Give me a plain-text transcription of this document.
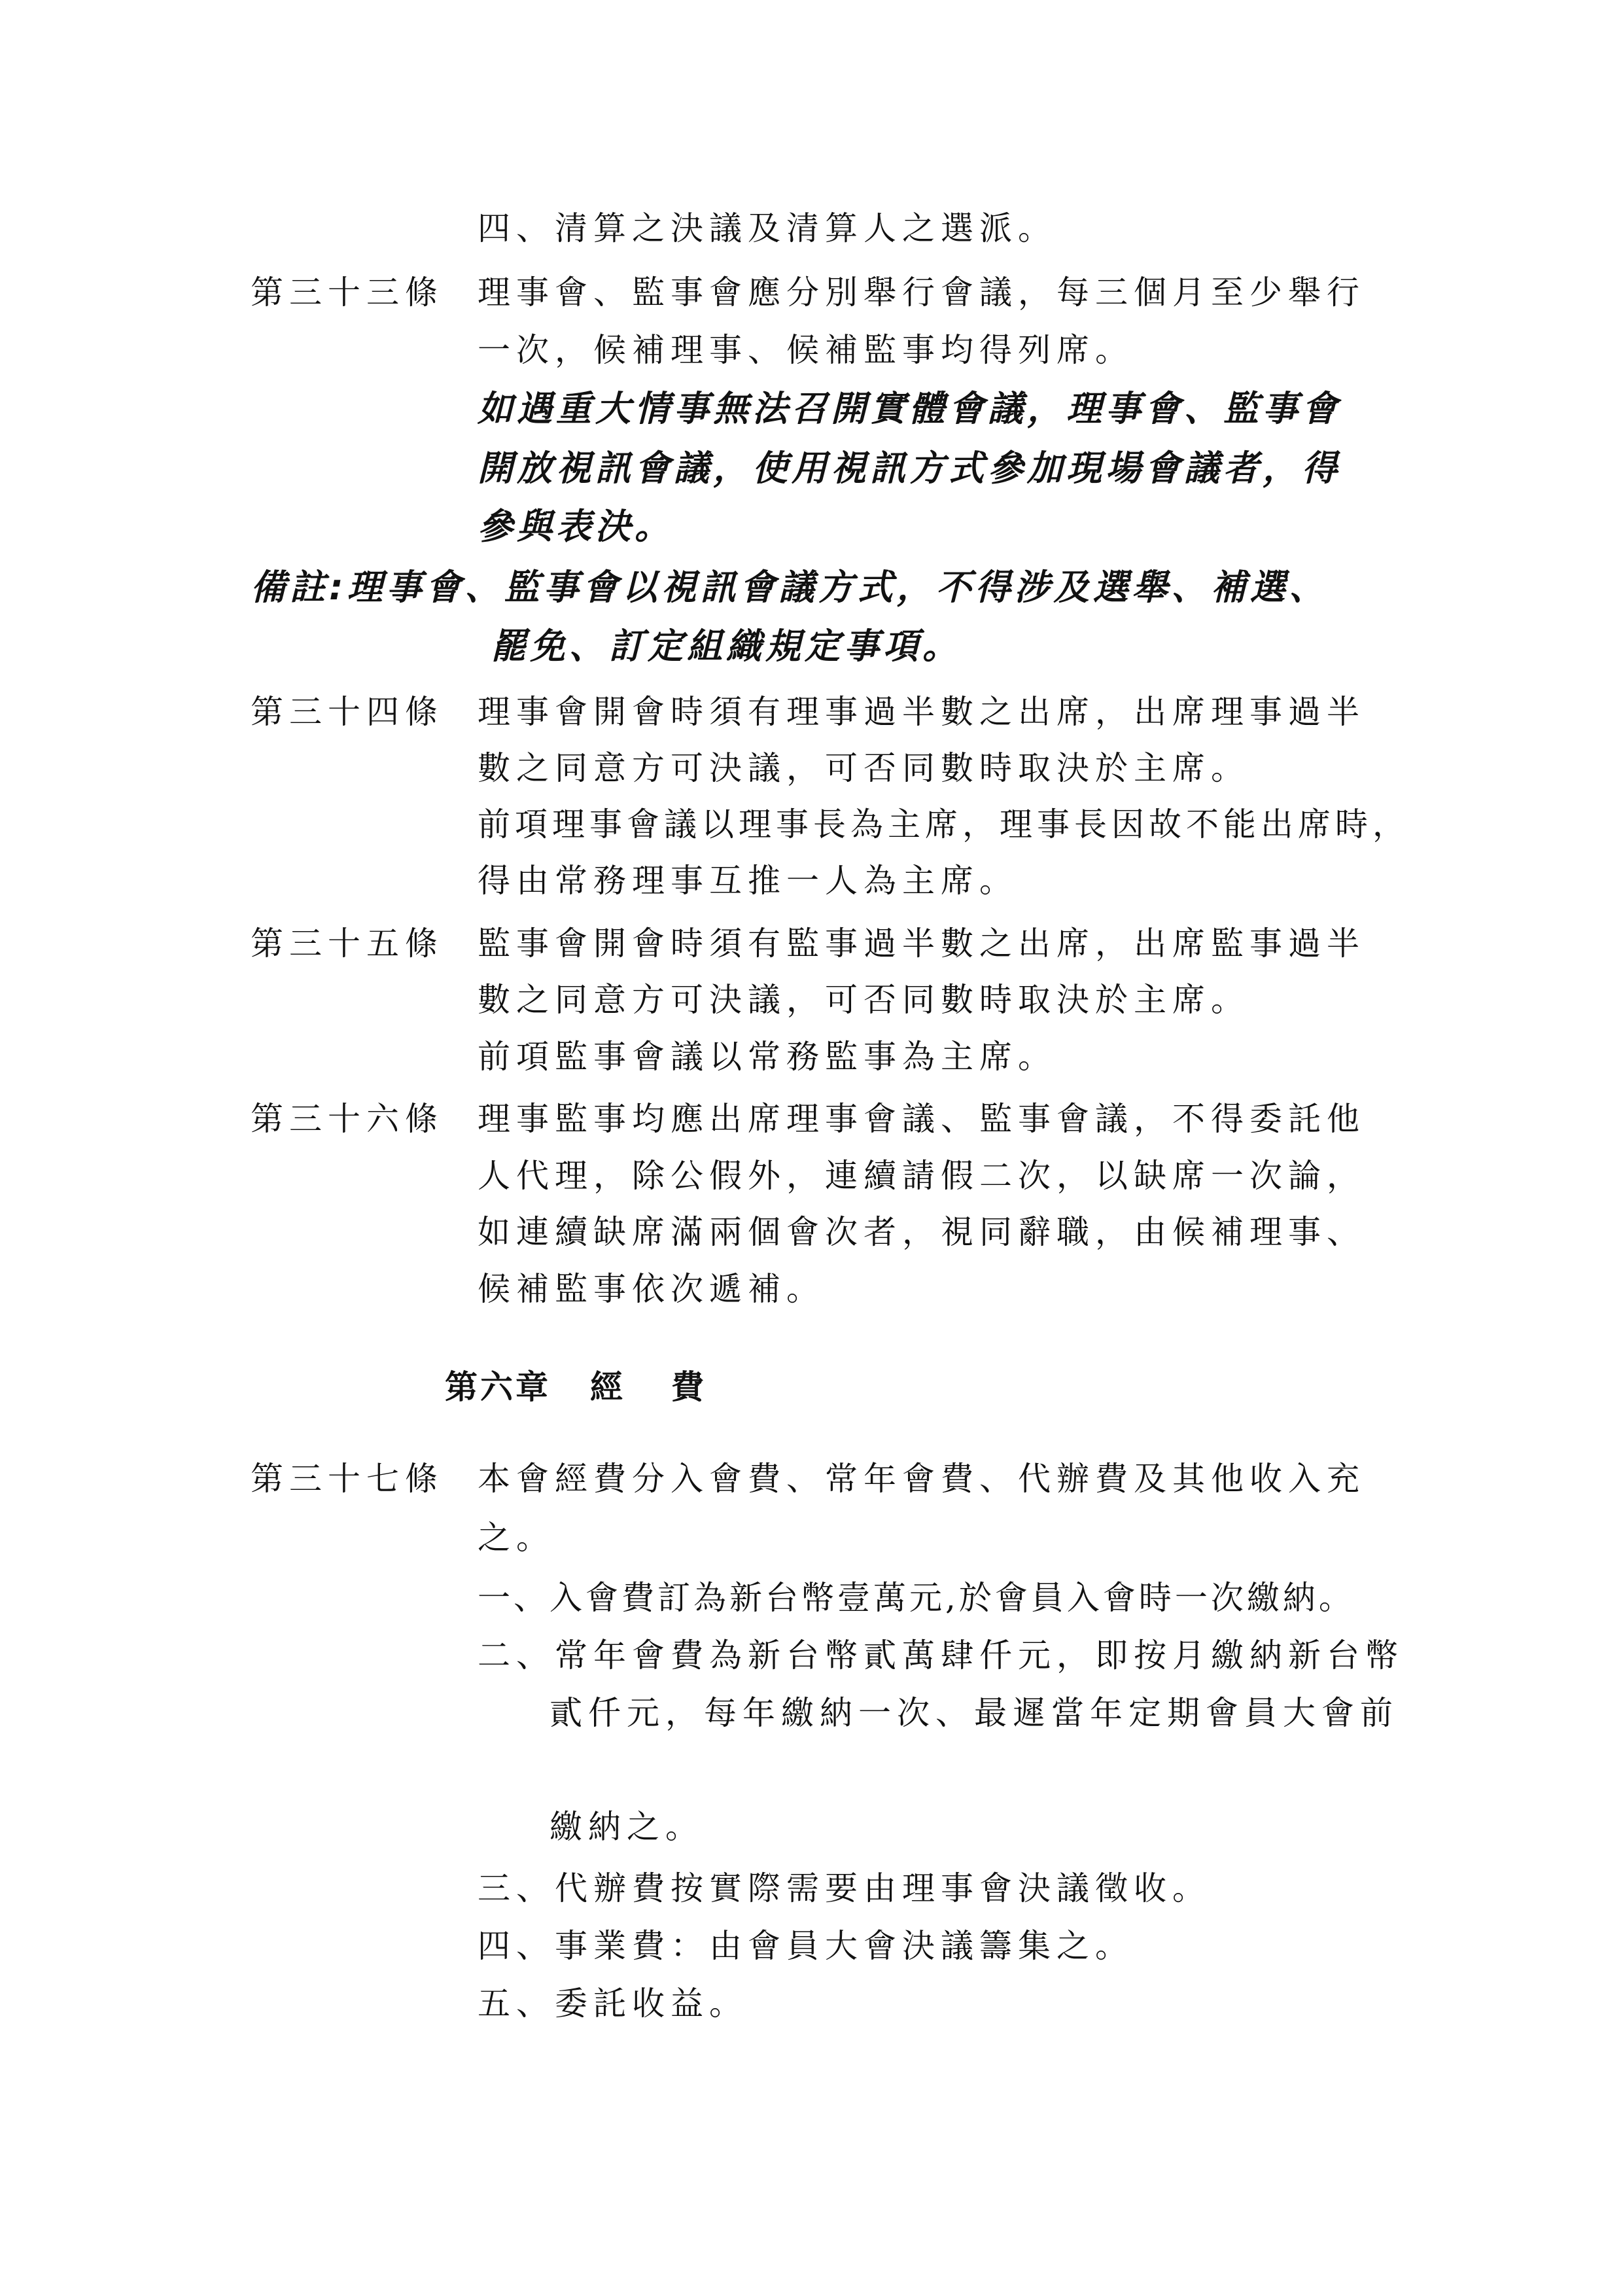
四、清算之決議及清算人之選派。
第三十三條 理事會、監事會應分別舉行會議，每三個月至少舉行
一次，候補理事、候補監事均得列席。
如遇重大情事無法召開實體會議，理事會、監事會
開放視訊會議，使用視訊方式參加現場會議者，得
參與表決。
備註:理事會、監事會以視訊會議方式，不得涉及選舉、補選、
罷免、訂定組織規定事項。
第三十四條 理事會開會時須有理事過半數之出席，出席理事過半
數之同意方可決議，可否同數時取決於主席。
前項理事會議以理事長為主席，理事長因故不能出席時，
得由常務理事互推一人為主席。
第三十五條 監事會開會時須有監事過半數之出席，出席監事過半
數之同意方可決議，可否同數時取決於主席。
前項監事會議以常務監事為主席。
第三十六條 理事監事均應出席理事會議、監事會議，不得委託他
人代理，除公假外，連續請假二次，以缺席一次論，
如連續缺席滿兩個會次者，視同辭職，由候補理事、
候補監事依次遞補。
第六章 經 費
第三十七條 本會經費分入會費、常年會費、代辦費及其他收入充
之。
一、入會費訂為新台幣壹萬元,於會員入會時一次繳納。
二、常年會費為新台幣貳萬肆仟元，即按月繳納新台幣
貳仟元，每年繳納一次、最遲當年定期會員大會前
繳納之。
三、代辦費按實際需要由理事會決議徵收。
四、事業費：由會員大會決議籌集之。
五、委託收益。
